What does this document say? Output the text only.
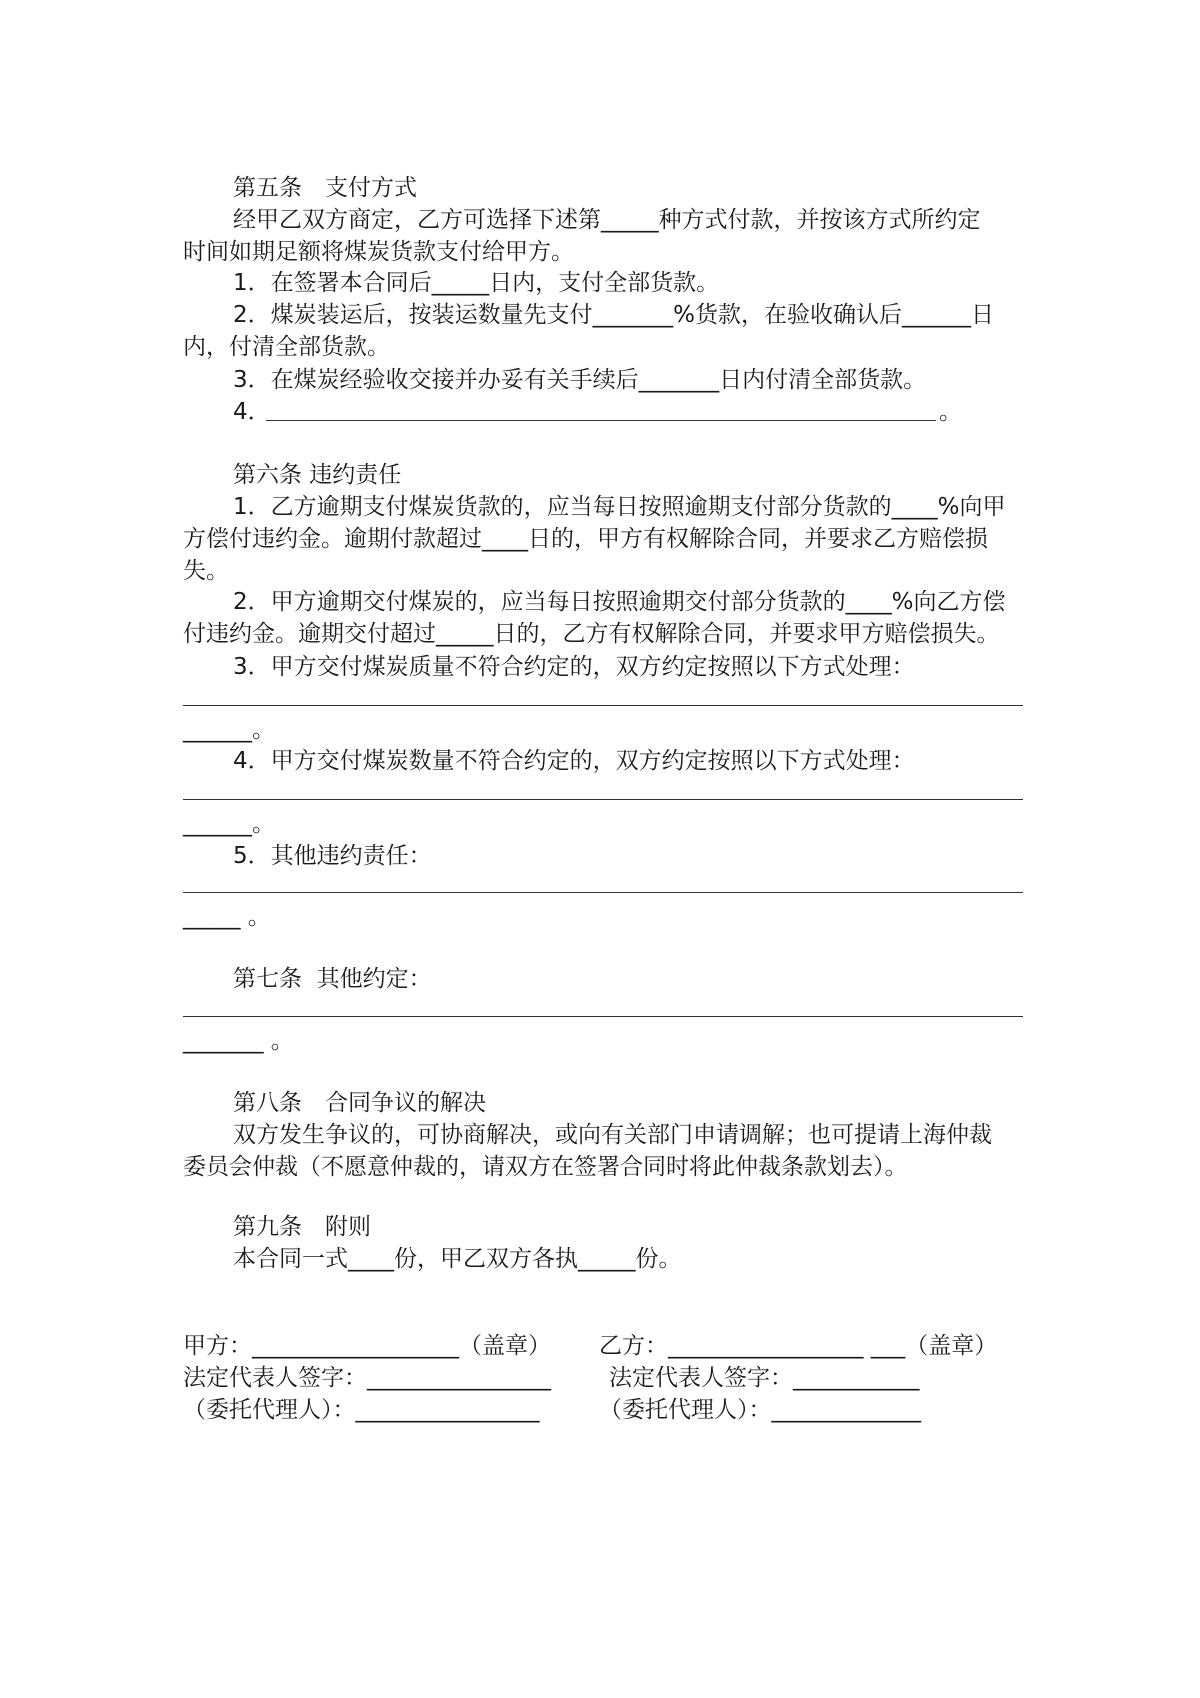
第五条　支付方式
经甲乙双方商定，乙方可选择下述第_____种方式付款，并按该方式所约定
时间如期足额将煤炭货款支付给甲方。
1．在签署本合同后_____日内，支付全部货款。
2．煤炭装运后，按装运数量先支付_______%货款，在验收确认后______日
内，付清全部货款。
3．在煤炭经验收交接并办妥有关手续后_______日内付清全部货款。
4．	。
第六条 违约责任
1．乙方逾期支付煤炭货款的，应当每日按照逾期支付部分货款的____%向甲
方偿付违约金。逾期付款超过____日的，甲方有权解除合同，并要求乙方赔偿损
失。
2．甲方逾期交付煤炭的，应当每日按照逾期交付部分货款的____%向乙方偿
付违约金。逾期交付超过_____日的，乙方有权解除合同，并要求甲方赔偿损失。
3．甲方交付煤炭质量不符合约定的，双方约定按照以下方式处理：
______。
4．甲方交付煤炭数量不符合约定的，双方约定按照以下方式处理：
______。
5．其他违约责任：
_____ 。
第七条  其他约定：
_______ 。
第八条　合同争议的解决
双方发生争议的，可协商解决，或向有关部门申请调解；也可提请上海仲裁
委员会仲裁（不愿意仲裁的，请双方在签署合同时将此仲裁条款划去）。
第九条　附则
本合同一式____份，甲乙双方各执_____份。
甲方：__________________（盖章） 乙方：_________________ ___（盖章）
法定代表人签字：________________	法定代表人签字：___________
（委托代理人）：________________	（委托代理人）：_____________
